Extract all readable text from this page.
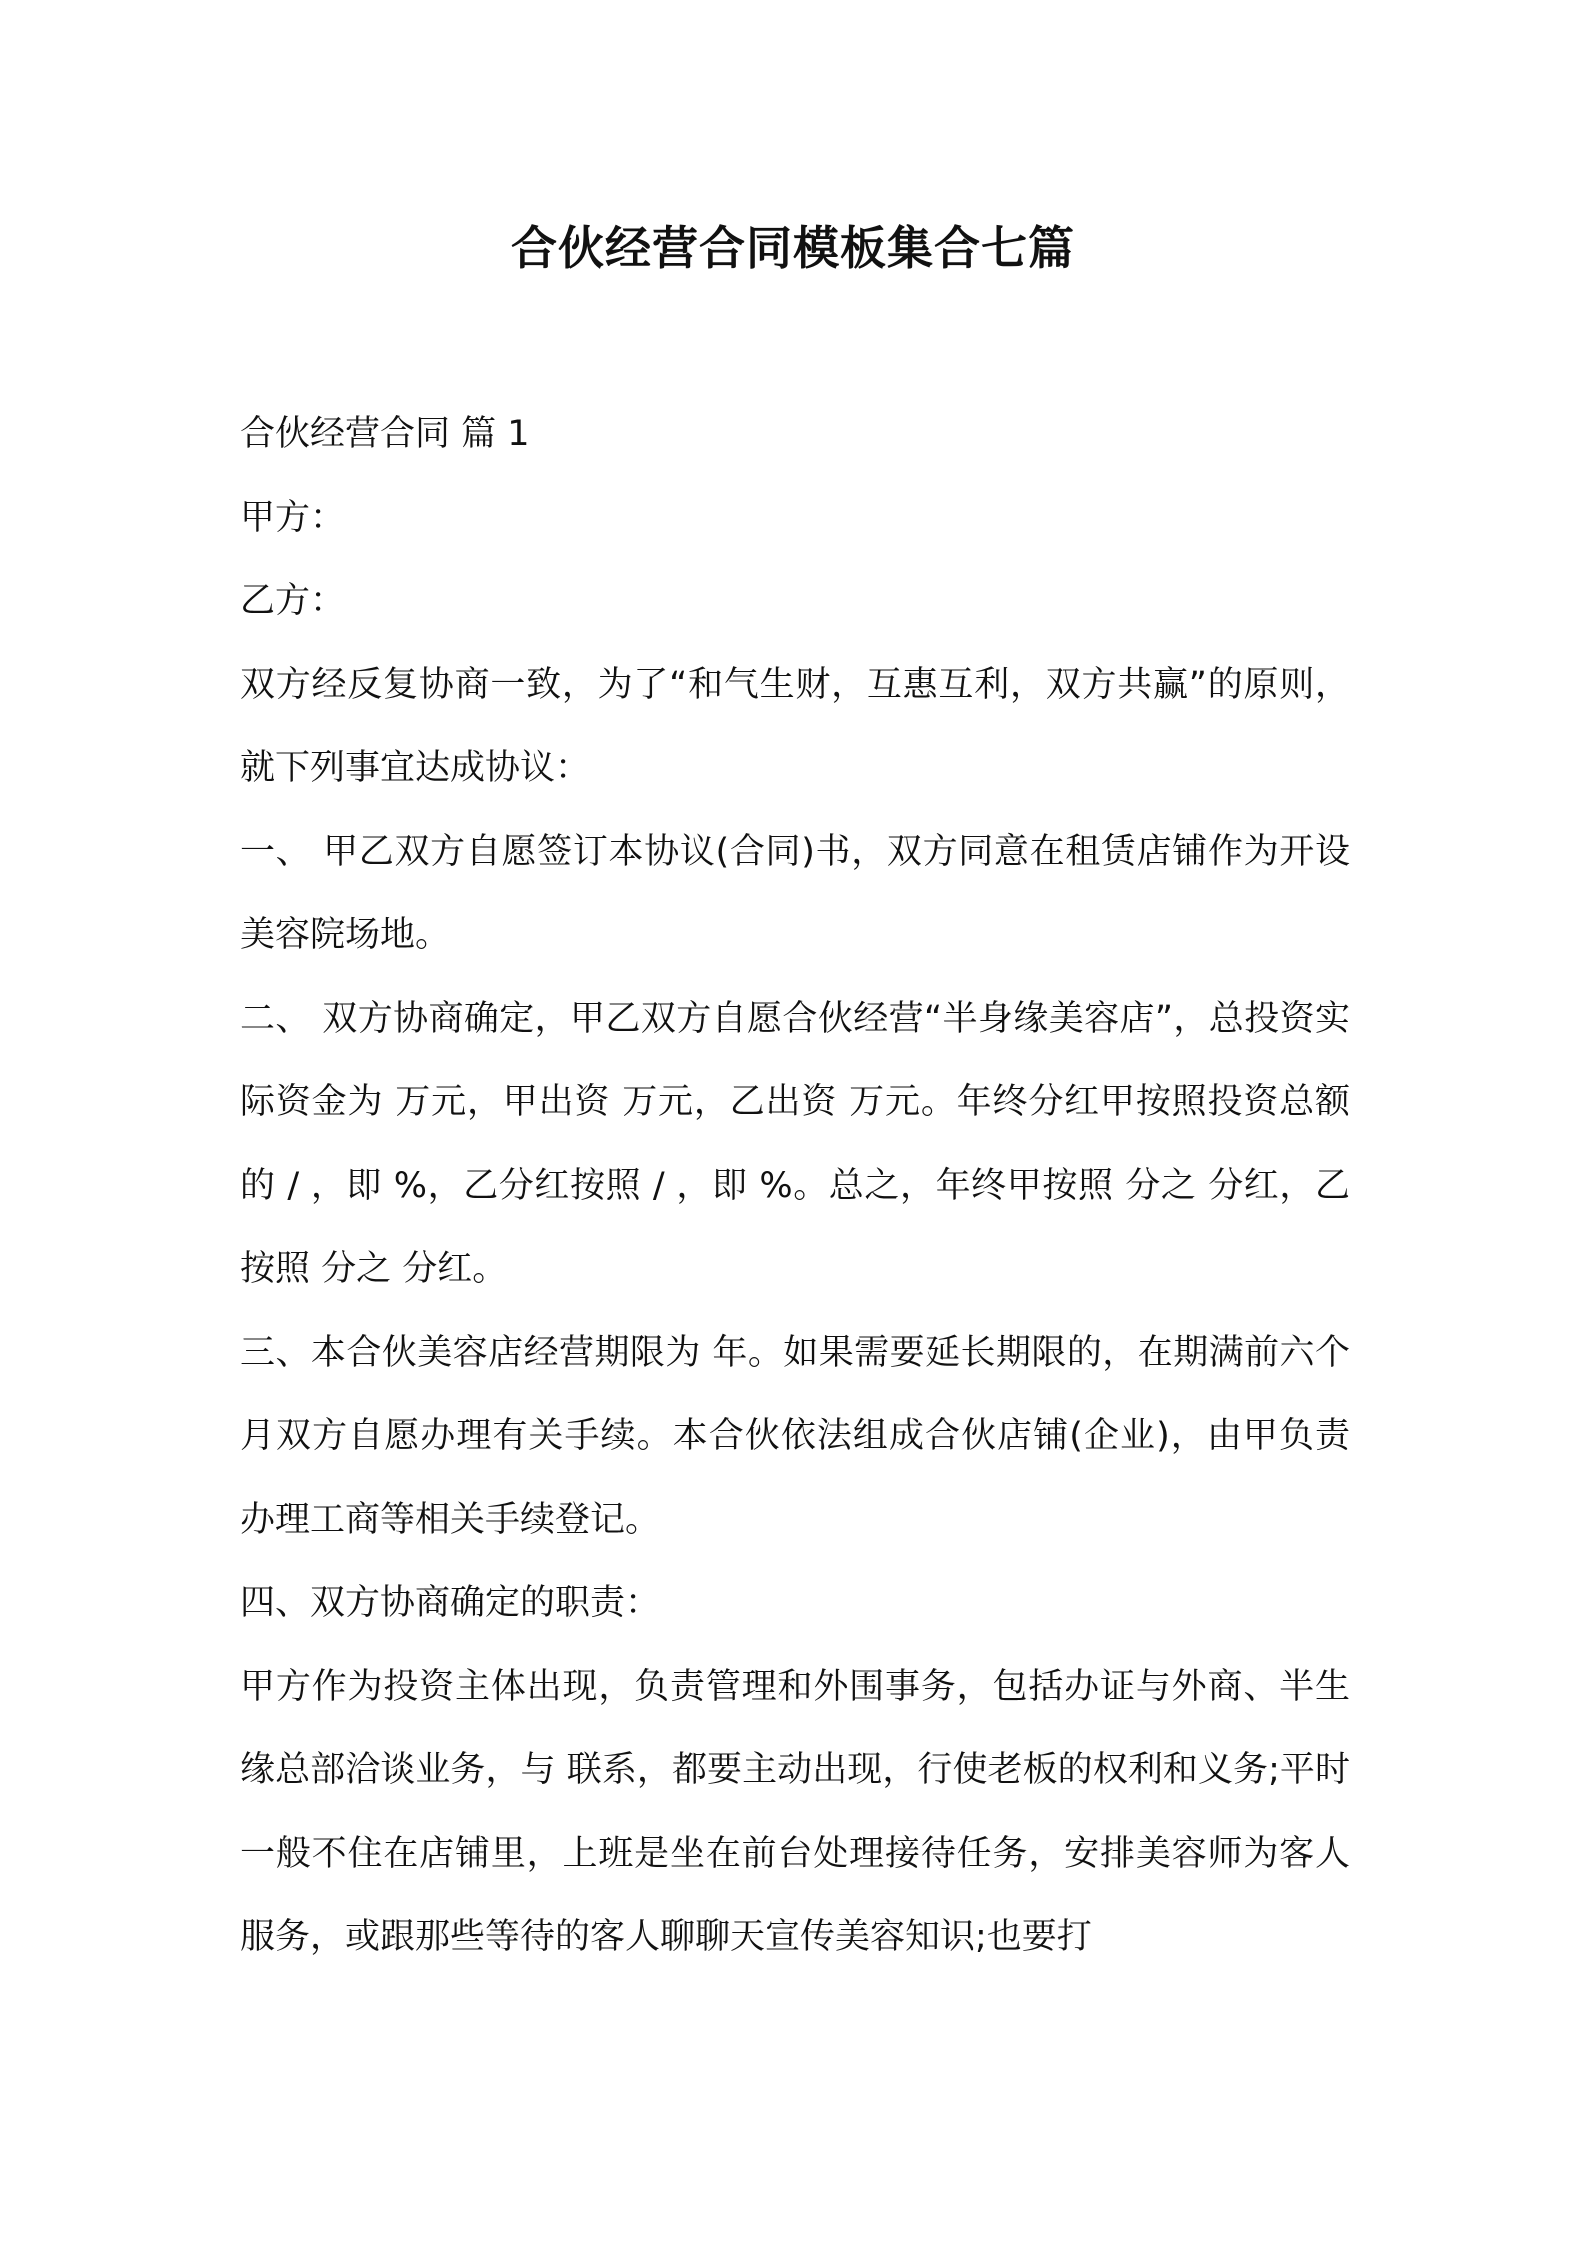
合伙经营合同模板集合七篇

合伙经营合同 篇 1

甲方：

乙方：

双方经反复协商一致，为了“和气生财，互惠互利，双方共赢”的原则，就下列事宜达成协议：

一、 甲乙双方自愿签订本协议(合同)书，双方同意在租赁店铺作为开设美容院场地。

二、 双方协商确定，甲乙双方自愿合伙经营“半身缘美容店”，总投资实际资金为 万元，甲出资 万元，乙出资 万元。年终分红甲按照投资总额的 / ，即 %，乙分红按照 / ，即 %。总之，年终甲按照 分之 分红，乙按照 分之 分红。

三、本合伙美容店经营期限为 年。如果需要延长期限的，在期满前六个月双方自愿办理有关手续。本合伙依法组成合伙店铺(企业)，由甲负责办理工商等相关手续登记。

四、双方协商确定的职责：

甲方作为投资主体出现，负责管理和外围事务，包括办证与外商、半生缘总部洽谈业务，与 联系，都要主动出现，行使老板的权利和义务;平时一般不住在店铺里，上班是坐在前台处理接待任务，安排美容师为客人服务，或跟那些等待的客人聊聊天宣传美容知识;也要打
